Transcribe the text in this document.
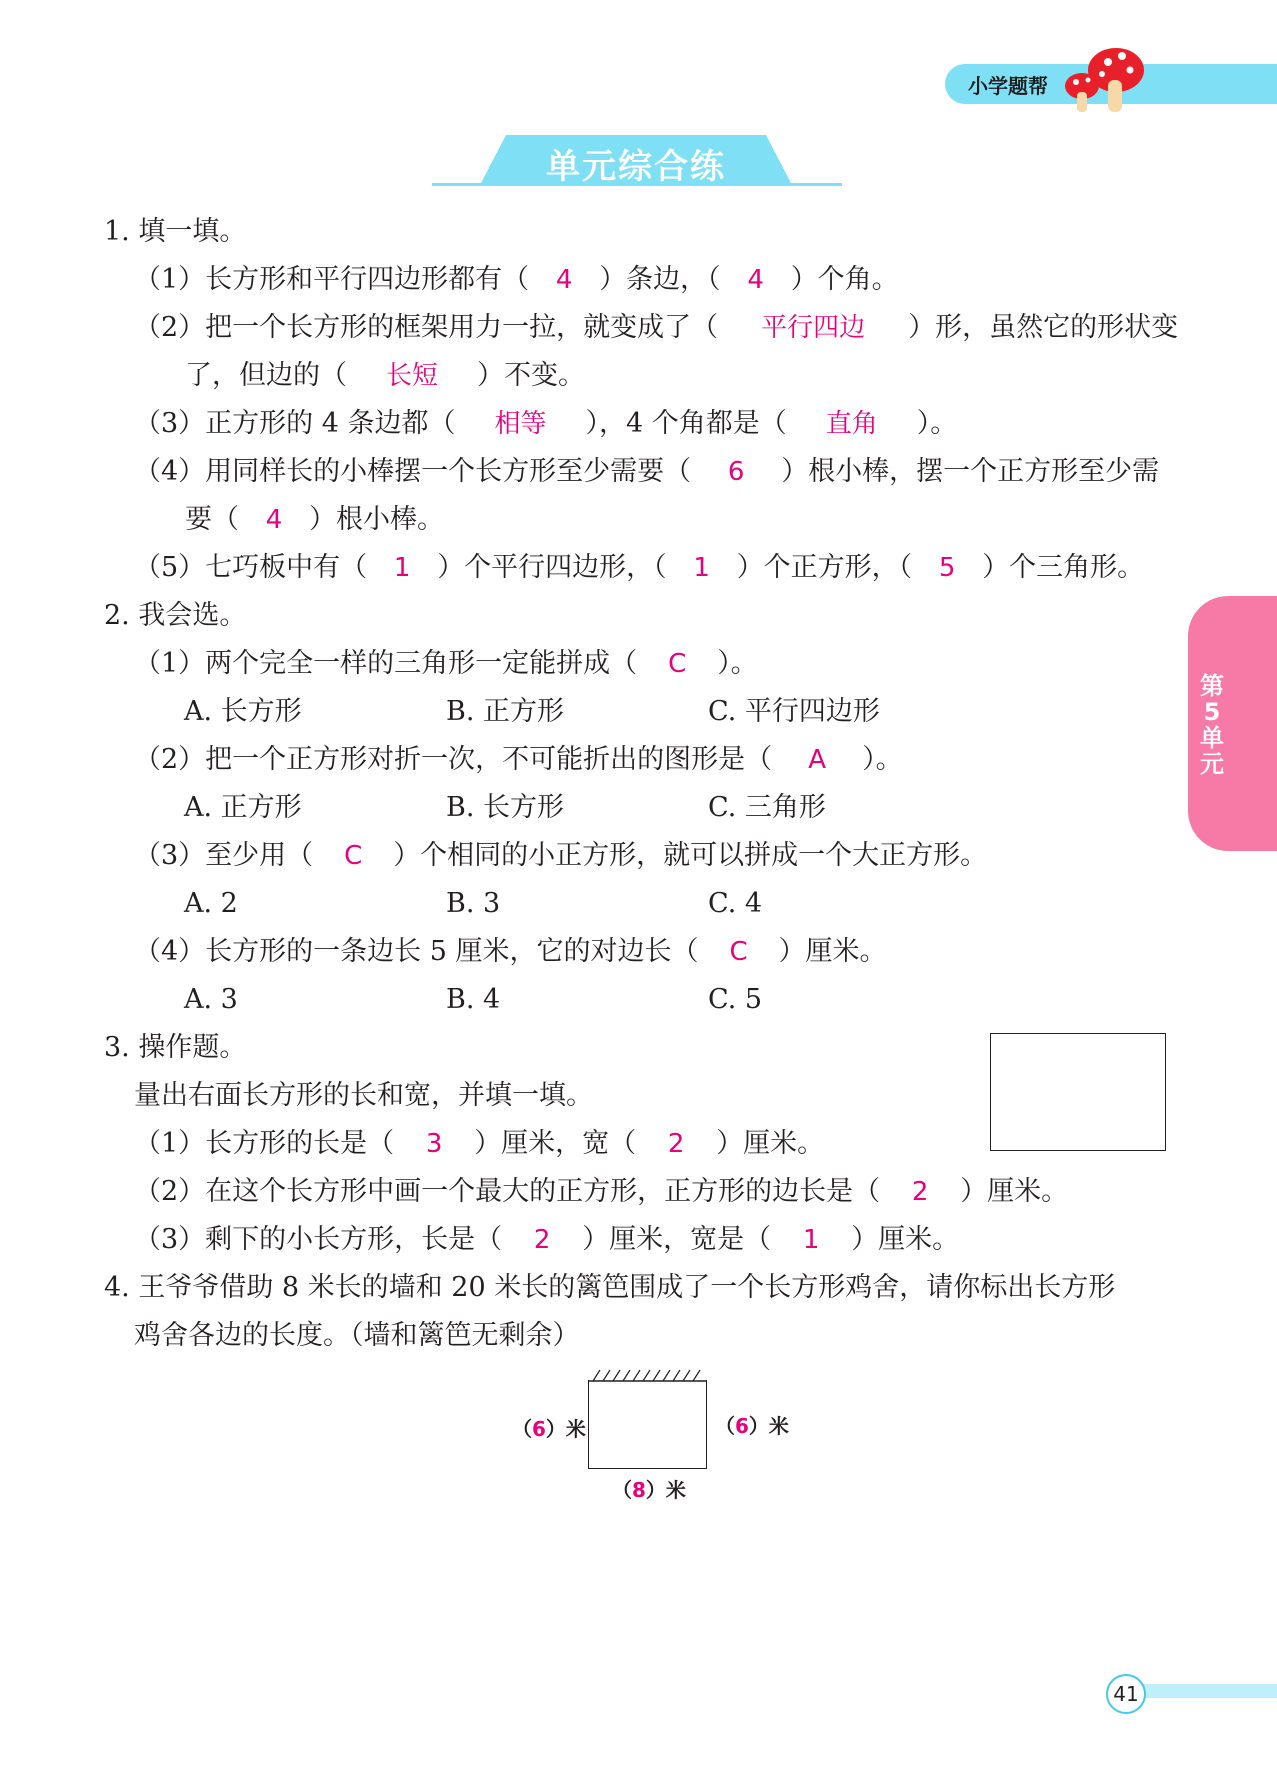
小学题帮
单元综合练
第
5
单
元
1. 填一填。
（1）长方形和平行四边形都有（ 4 ）条边，（ 4 ）个角。
（2）把一个长方形的框架用力一拉，就变成了（ 平行四边 ）形，虽然它的形状变
了，但边的（ 长短 ）不变。
（3）正方形的 4 条边都（ 相等 ），4 个角都是（ 直角 ）。
（4）用同样长的小棒摆一个长方形至少需要（ 6 ）根小棒，摆一个正方形至少需
要（ 4 ）根小棒。
（5）七巧板中有（ 1 ）个平行四边形，（ 1 ）个正方形，（ 5 ）个三角形。
2. 我会选。
（1）两个完全一样的三角形一定能拼成（ C ）。
A. 长方形	B. 正方形	C. 平行四边形
（2）把一个正方形对折一次，不可能折出的图形是（ A ）。
A. 正方形	B. 长方形	C. 三角形
（3）至少用（ C ）个相同的小正方形，就可以拼成一个大正方形。
A. 2	B. 3	C. 4
（4）长方形的一条边长 5 厘米，它的对边长（ C ）厘米。
A. 3	B. 4	C. 5
3. 操作题。
量出右面长方形的长和宽，并填一填。
（1）长方形的长是（ 3 ）厘米，宽（ 2 ）厘米。
（2）在这个长方形中画一个最大的正方形，正方形的边长是（ 2 ）厘米。
（3）剩下的小长方形，长是（ 2 ）厘米，宽是（ 1 ）厘米。
4. 王爷爷借助 8 米长的墙和 20 米长的篱笆围成了一个长方形鸡舍，请你标出长方形
鸡舍各边的长度。（墙和篱笆无剩余）
（6）米	（6）米
（8）米
41
